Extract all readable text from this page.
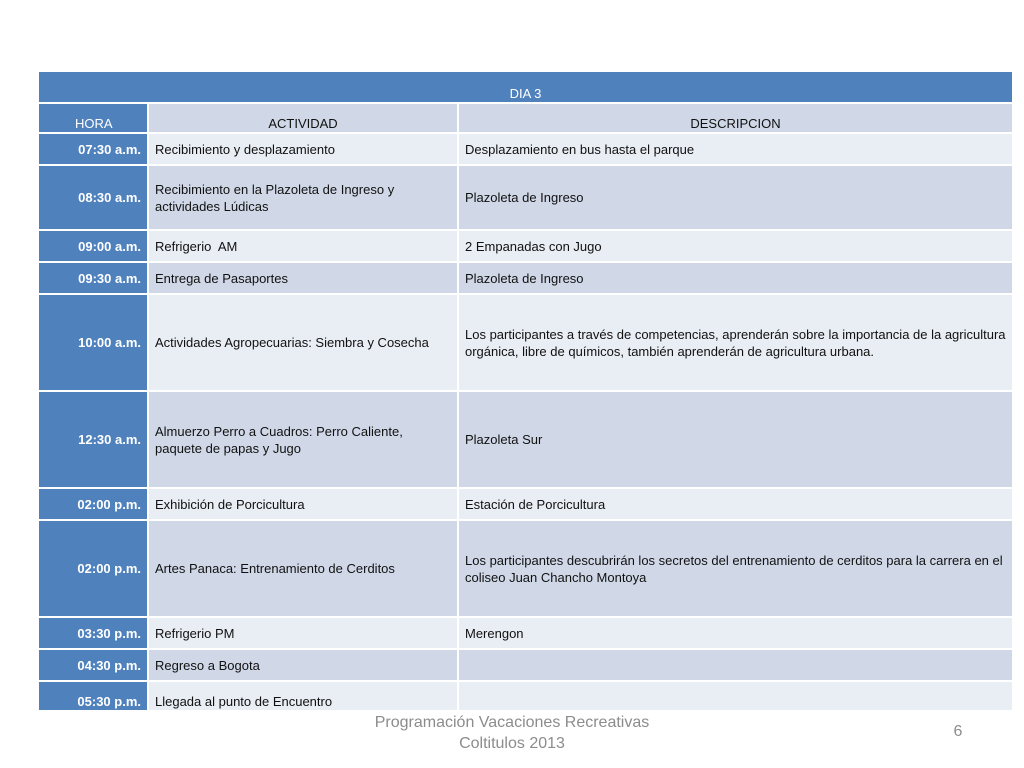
DIA 3		
HORA	ACTIVIDAD	DESCRIPCION
07:30 a.m.	Recibimiento y desplazamiento	Desplazamiento en bus hasta el parque
08:30 a.m.	Recibimiento en la Plazoleta de Ingreso y actividades Lúdicas	Plazoleta de Ingreso
09:00 a.m.	Refrigerio  AM	2 Empanadas con Jugo
09:30 a.m.	Entrega de Pasaportes	Plazoleta de Ingreso
10:00 a.m.	Actividades Agropecuarias: Siembra y Cosecha	Los participantes a través de competencias, aprenderán sobre la importancia de la agricultura orgánica, libre de químicos, también aprenderán de agricultura urbana.
12:30 a.m.	Almuerzo Perro a Cuadros: Perro Caliente, paquete de papas y Jugo	Plazoleta Sur
02:00 p.m.	Exhibición de Porcicultura	Estación de Porcicultura
02:00 p.m.	Artes Panaca: Entrenamiento de Cerditos	Los participantes descubrirán los secretos del entrenamiento de cerditos para la carrera en el coliseo Juan Chancho Montoya
03:30 p.m.	Refrigerio PM	Merengon
04:30 p.m.	Regreso a Bogota	
05:30 p.m.	Llegada al punto de Encuentro	
Programación Vacaciones Recreativas
Coltitulos 2013
6
